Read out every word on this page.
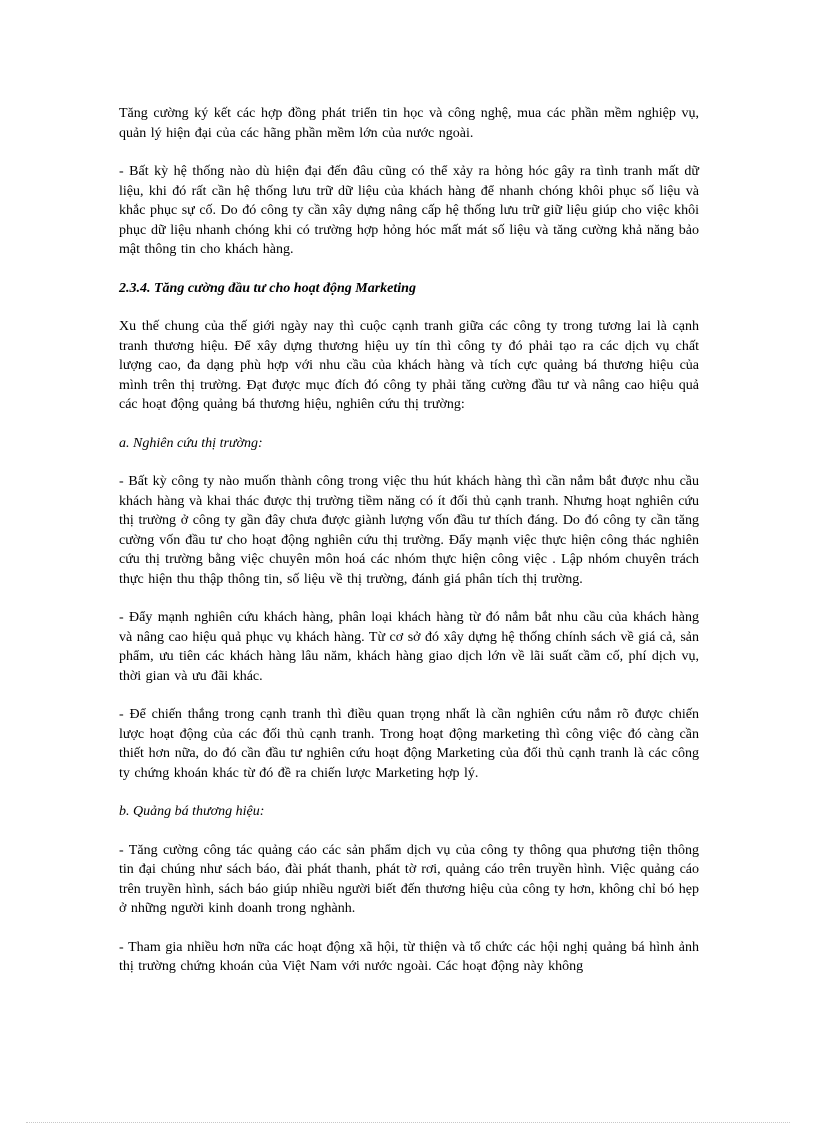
Tăng cường ký kết các hợp đồng phát triển tin học và công nghệ, mua các phần mềm nghiệp vụ, quản lý hiện đại của các hãng phần mềm lớn của nước ngoài.

- Bất kỳ hệ thống nào dù hiện đại đến đâu cũng có thể xảy ra hỏng hóc gây ra tình tranh mất dữ liệu, khi đó rất cần hệ thống lưu trữ dữ liệu của khách hàng để nhanh chóng khôi phục số liệu và khắc phục sự cố. Do đó công ty cần xây dựng nâng cấp hệ thống lưu trữ giữ liệu giúp cho việc khôi phục dữ liệu nhanh chóng khi có trường hợp hỏng hóc mất mát số liệu và tăng cường khả năng bảo mật thông tin cho khách hàng.

2.3.4. Tăng cường đầu tư cho hoạt động Marketing

Xu thế chung của thế giới ngày nay thì cuộc cạnh tranh giữa các công ty trong tương lai là cạnh tranh thương hiệu. Để xây dựng thương hiệu uy tín thì công ty đó phải tạo ra các dịch vụ chất lượng cao, đa dạng phù hợp với nhu cầu của khách hàng và tích cực quảng bá thương hiệu của mình trên thị trường. Đạt được mục đích đó công ty phải tăng cường đầu tư và nâng cao hiệu quả các hoạt động quảng bá thương hiệu, nghiên cứu thị trường:

a. Nghiên cứu thị trường:

- Bất kỳ công ty nào muốn thành công trong việc thu hút khách hàng thì cần nắm bắt được nhu cầu khách hàng và khai thác được thị trường tiềm năng có ít đối thủ cạnh tranh. Nhưng hoạt nghiên cứu thị trường ở công ty gần đây chưa được giành lượng vốn đầu tư thích đáng. Do đó công ty cần tăng cường vốn đầu tư cho hoạt động nghiên cứu thị trường. Đẩy mạnh việc thực hiện công thác nghiên cứu thị trường bằng việc chuyên môn hoá các nhóm thực hiện công việc . Lập nhóm chuyên trách thực hiện thu thập thông tin, số liệu về thị trường, đánh giá phân tích thị trường.

- Đẩy mạnh nghiên cứu khách hàng, phân loại khách hàng từ đó nắm bắt nhu cầu của khách hàng và nâng cao hiệu quả phục vụ khách hàng. Từ cơ sở đó xây dựng hệ thống chính sách về giá cả, sản phẩm, ưu tiên các khách hàng lâu năm, khách hàng giao dịch lớn về lãi suất cầm cố, phí dịch vụ, thời gian và ưu đãi khác.

- Để chiến thắng trong cạnh tranh thì điều quan trọng nhất là cần nghiên cứu nắm rõ được chiến lược hoạt động của các đối thủ cạnh tranh. Trong hoạt động marketing thì công việc đó càng cần thiết hơn nữa, do đó cần đầu tư nghiên cứu hoạt động Marketing của đối thủ cạnh tranh là các công ty chứng khoán khác từ đó đề ra chiến lược Marketing hợp lý.

b. Quảng bá thương hiệu:

- Tăng cường công tác quảng cáo các sản phẩm dịch vụ của công ty thông qua phương tiện thông tin đại chúng như sách báo, đài phát thanh, phát tờ rơi, quảng cáo trên truyền hình. Việc quảng cáo trên truyền hình, sách báo giúp nhiều người biết đến thương hiệu của công ty hơn, không chỉ bó hẹp ở những người kinh doanh trong nghành.

- Tham gia nhiều hơn nữa các hoạt động xã hội, từ thiện và tổ chức các hội nghị quảng bá hình ảnh thị trường chứng khoán của Việt Nam với nước ngoài. Các hoạt động này không
